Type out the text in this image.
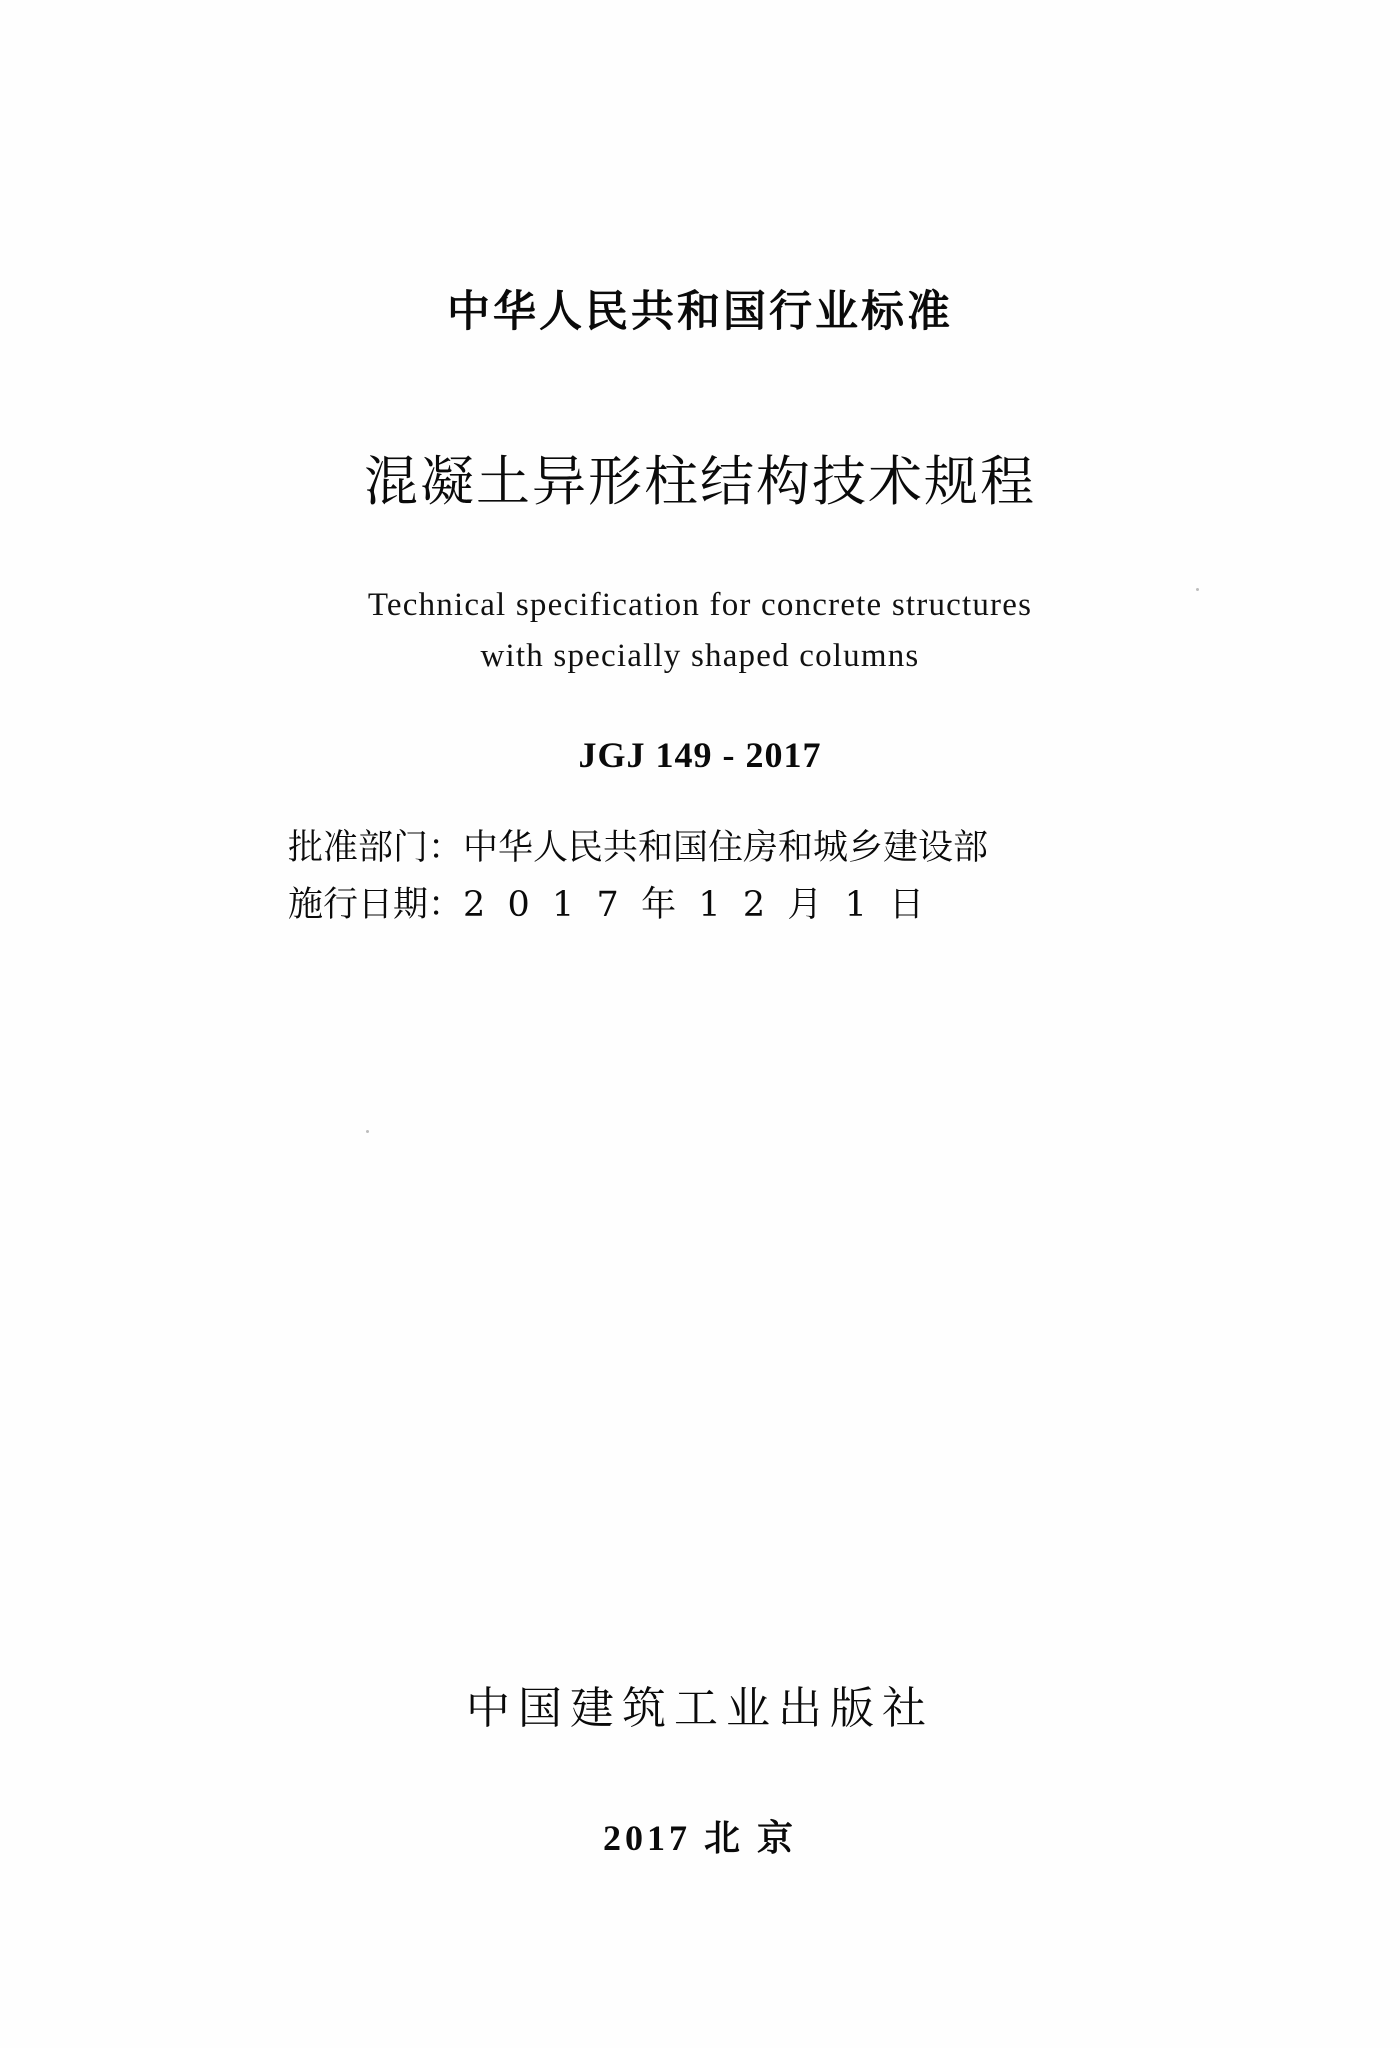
中华人民共和国行业标准
混凝土异形柱结构技术规程
Technical specification for concrete structures
with specially shaped columns
JGJ 149 - 2017
批准部门：中华人民共和国住房和城乡建设部
施行日期：2  0  1  7  年  1  2  月  1  日
中国建筑工业出版社
2017 北 京
